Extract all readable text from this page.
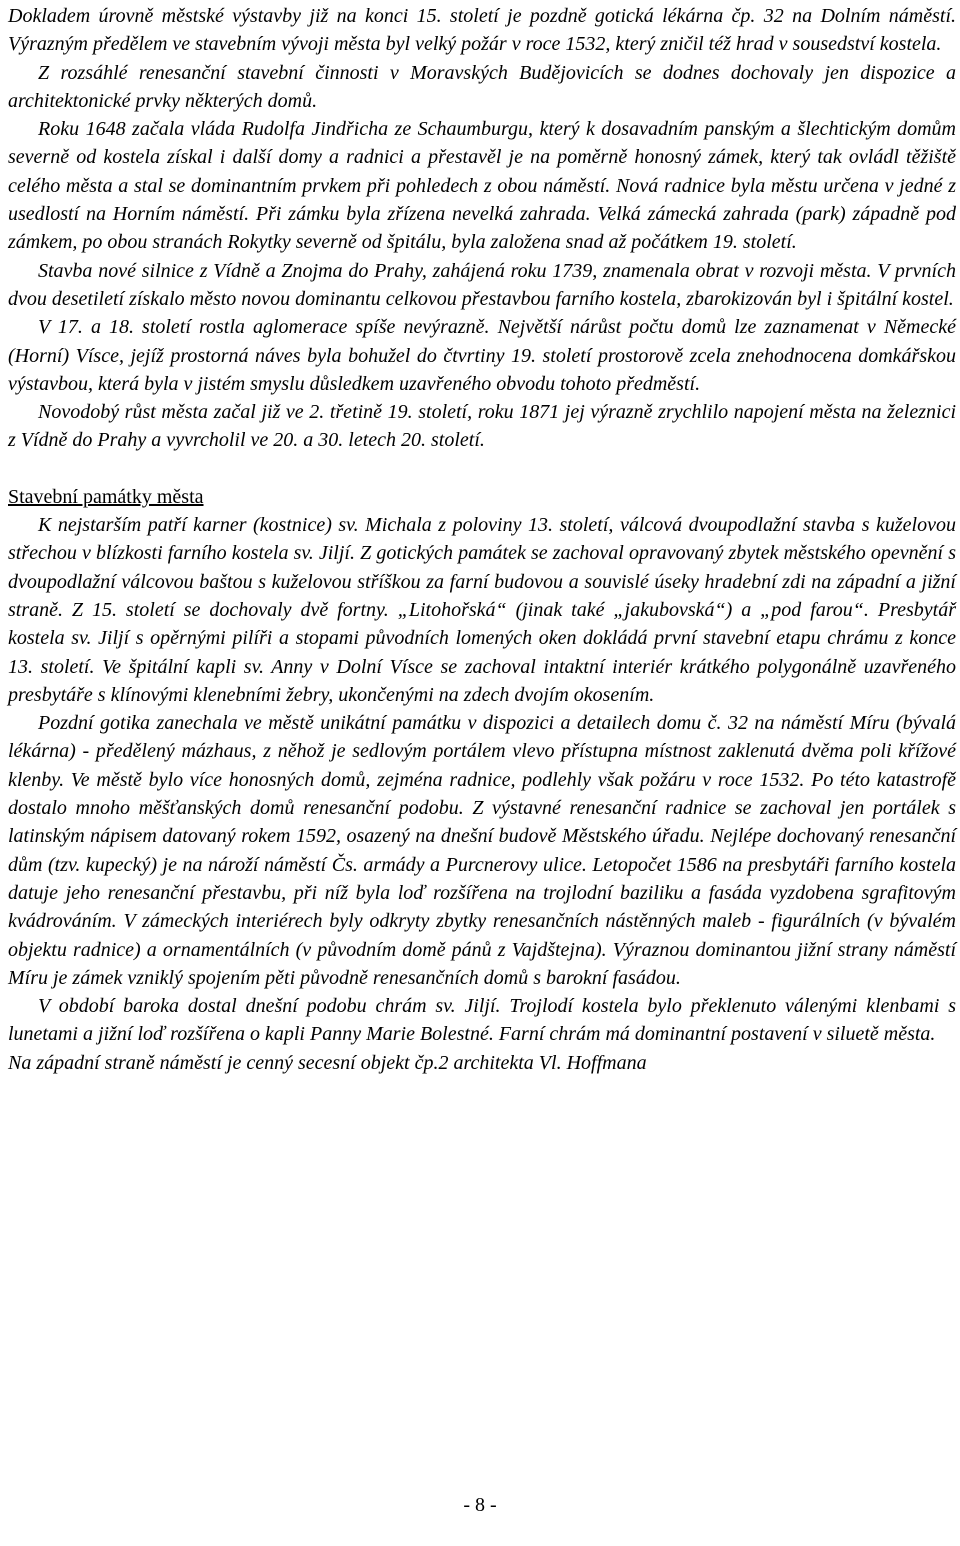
Dokladem úrovně městské výstavby již na konci 15. století je pozdně gotická lékárna čp. 32 na Dolním náměstí. Výrazným předělem ve stavebním vývoji města byl velký požár v roce 1532, který zničil též hrad v sousedství kostela.

Z rozsáhlé renesanční stavební činnosti v Moravských Budějovicích se dodnes dochovaly jen dispozice a architektonické prvky některých domů.

Roku 1648 začala vláda Rudolfa Jindřicha ze Schaumburgu, který k dosavadním panským a šlechtickým domům severně od kostela získal i další domy a radnici a přestavěl je na poměrně honosný zámek, který tak ovládl těžiště celého města a stal se dominantním prvkem při pohledech z obou náměstí. Nová radnice byla městu určena v jedné z usedlostí na Horním náměstí. Při zámku byla zřízena nevelká zahrada. Velká zámecká zahrada (park) západně pod zámkem, po obou stranách Rokytky severně od špitálu, byla založena snad až počátkem 19. století.

Stavba nové silnice z Vídně a Znojma do Prahy, zahájená roku 1739, znamenala obrat v rozvoji města. V prvních dvou desetiletí získalo město novou dominantu celkovou přestavbou farního kostela, zbarokizován byl i špitální kostel.

V 17. a 18. století rostla aglomerace spíše nevýrazně. Největší nárůst počtu domů lze zaznamenat v Německé (Horní) Vísce, jejíž prostorná náves byla bohužel do čtvrtiny 19. století prostorově zcela znehodnocena domkářskou výstavbou, která byla v jistém smyslu důsledkem uzavřeného obvodu tohoto předměstí.

Novodobý růst města začal již ve 2. třetině 19. století, roku 1871 jej výrazně zrychlilo napojení města na železnici z Vídně do Prahy a vyvrcholil ve 20. a 30. letech 20. století.

Stavební památky města

K nejstarším patří karner (kostnice) sv. Michala z poloviny 13. století, válcová dvoupodlažní stavba s kuželovou střechou v blízkosti farního kostela sv. Jiljí. Z gotických památek se zachoval opravovaný zbytek městského opevnění s dvoupodlažní válcovou baštou s kuželovou stříškou za farní budovou a souvislé úseky hradební zdi na západní a jižní straně. Z 15. století se dochovaly dvě fortny. „Litohořská“ (jinak také „jakubovská“) a „pod farou“. Presbytář kostela sv. Jiljí s opěrnými pilíři a stopami původních lomených oken dokládá první stavební etapu chrámu z konce 13. století. Ve špitální kapli sv. Anny v Dolní Vísce se zachoval intaktní interiér krátkého polygonálně uzavřeného presbytáře s klínovými klenebními žebry, ukončenými na zdech dvojím okosením.

Pozdní gotika zanechala ve městě unikátní památku v dispozici a detailech domu č. 32 na náměstí Míru (bývalá lékárna) - předělený mázhaus, z něhož je sedlovým portálem vlevo přístupna místnost zaklenutá dvěma poli křížové klenby. Ve městě bylo více honosných domů, zejména radnice, podlehly však požáru v roce 1532. Po této katastrofě dostalo mnoho měšťanských domů renesanční podobu. Z výstavné renesanční radnice se zachoval jen portálek s latinským nápisem datovaný rokem 1592, osazený na dnešní budově Městského úřadu. Nejlépe dochovaný renesanční dům (tzv. kupecký) je na nároží náměstí Čs. armády a Purcnerovy ulice. Letopočet 1586 na presbytáři farního kostela datuje jeho renesanční přestavbu, při níž byla loď rozšířena na trojlodní baziliku a fasáda vyzdobena sgrafitovým kvádrováním. V zámeckých interiérech byly odkryty zbytky renesančních nástěnných maleb - figurálních (v bývalém objektu radnice) a ornamentálních (v původním domě pánů z Vajdštejna). Výraznou dominantou jižní strany náměstí Míru je zámek vzniklý spojením pěti původně renesančních domů s barokní fasádou.

V období baroka dostal dnešní podobu chrám sv. Jiljí. Trojlodí kostela bylo překlenuto válenými klenbami s lunetami a jižní loď rozšířena o kapli Panny Marie Bolestné. Farní chrám má dominantní postavení v siluetě města.

Na západní straně náměstí je cenný secesní objekt čp.2 architekta Vl. Hoffmana

- 8 -
